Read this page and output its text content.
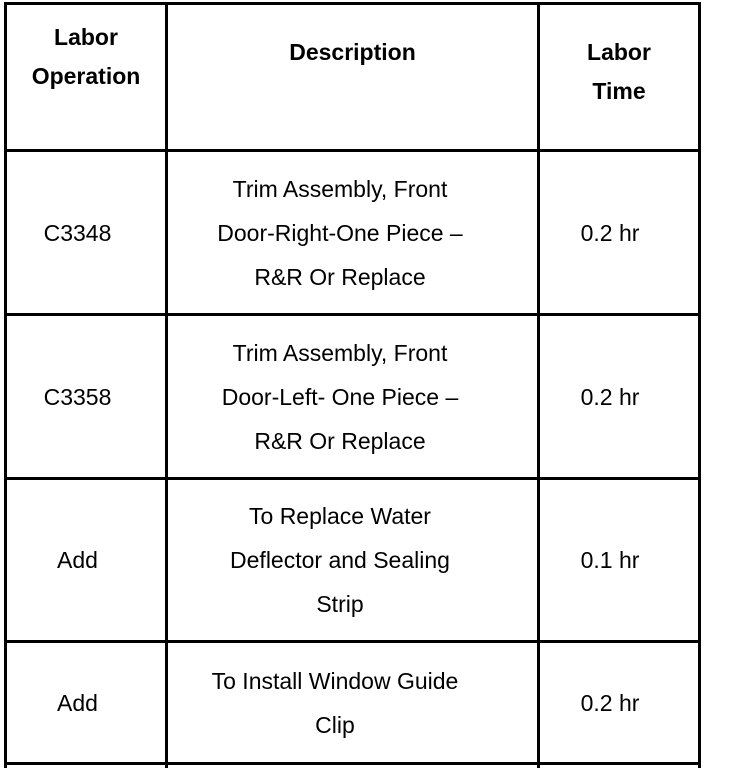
Labor
Operation
Description	Labor
Time
C3348
Trim Assembly, Front
Door-Right-One Piece –
R&R Or Replace
0.2 hr
C3358
Trim Assembly, Front
Door-Left- One Piece –
R&R Or Replace
0.2 hr
Add
To Replace Water
Deflector and Sealing
Strip
0.1 hr
Add
To Install Window Guide
Clip
0.2 hr
